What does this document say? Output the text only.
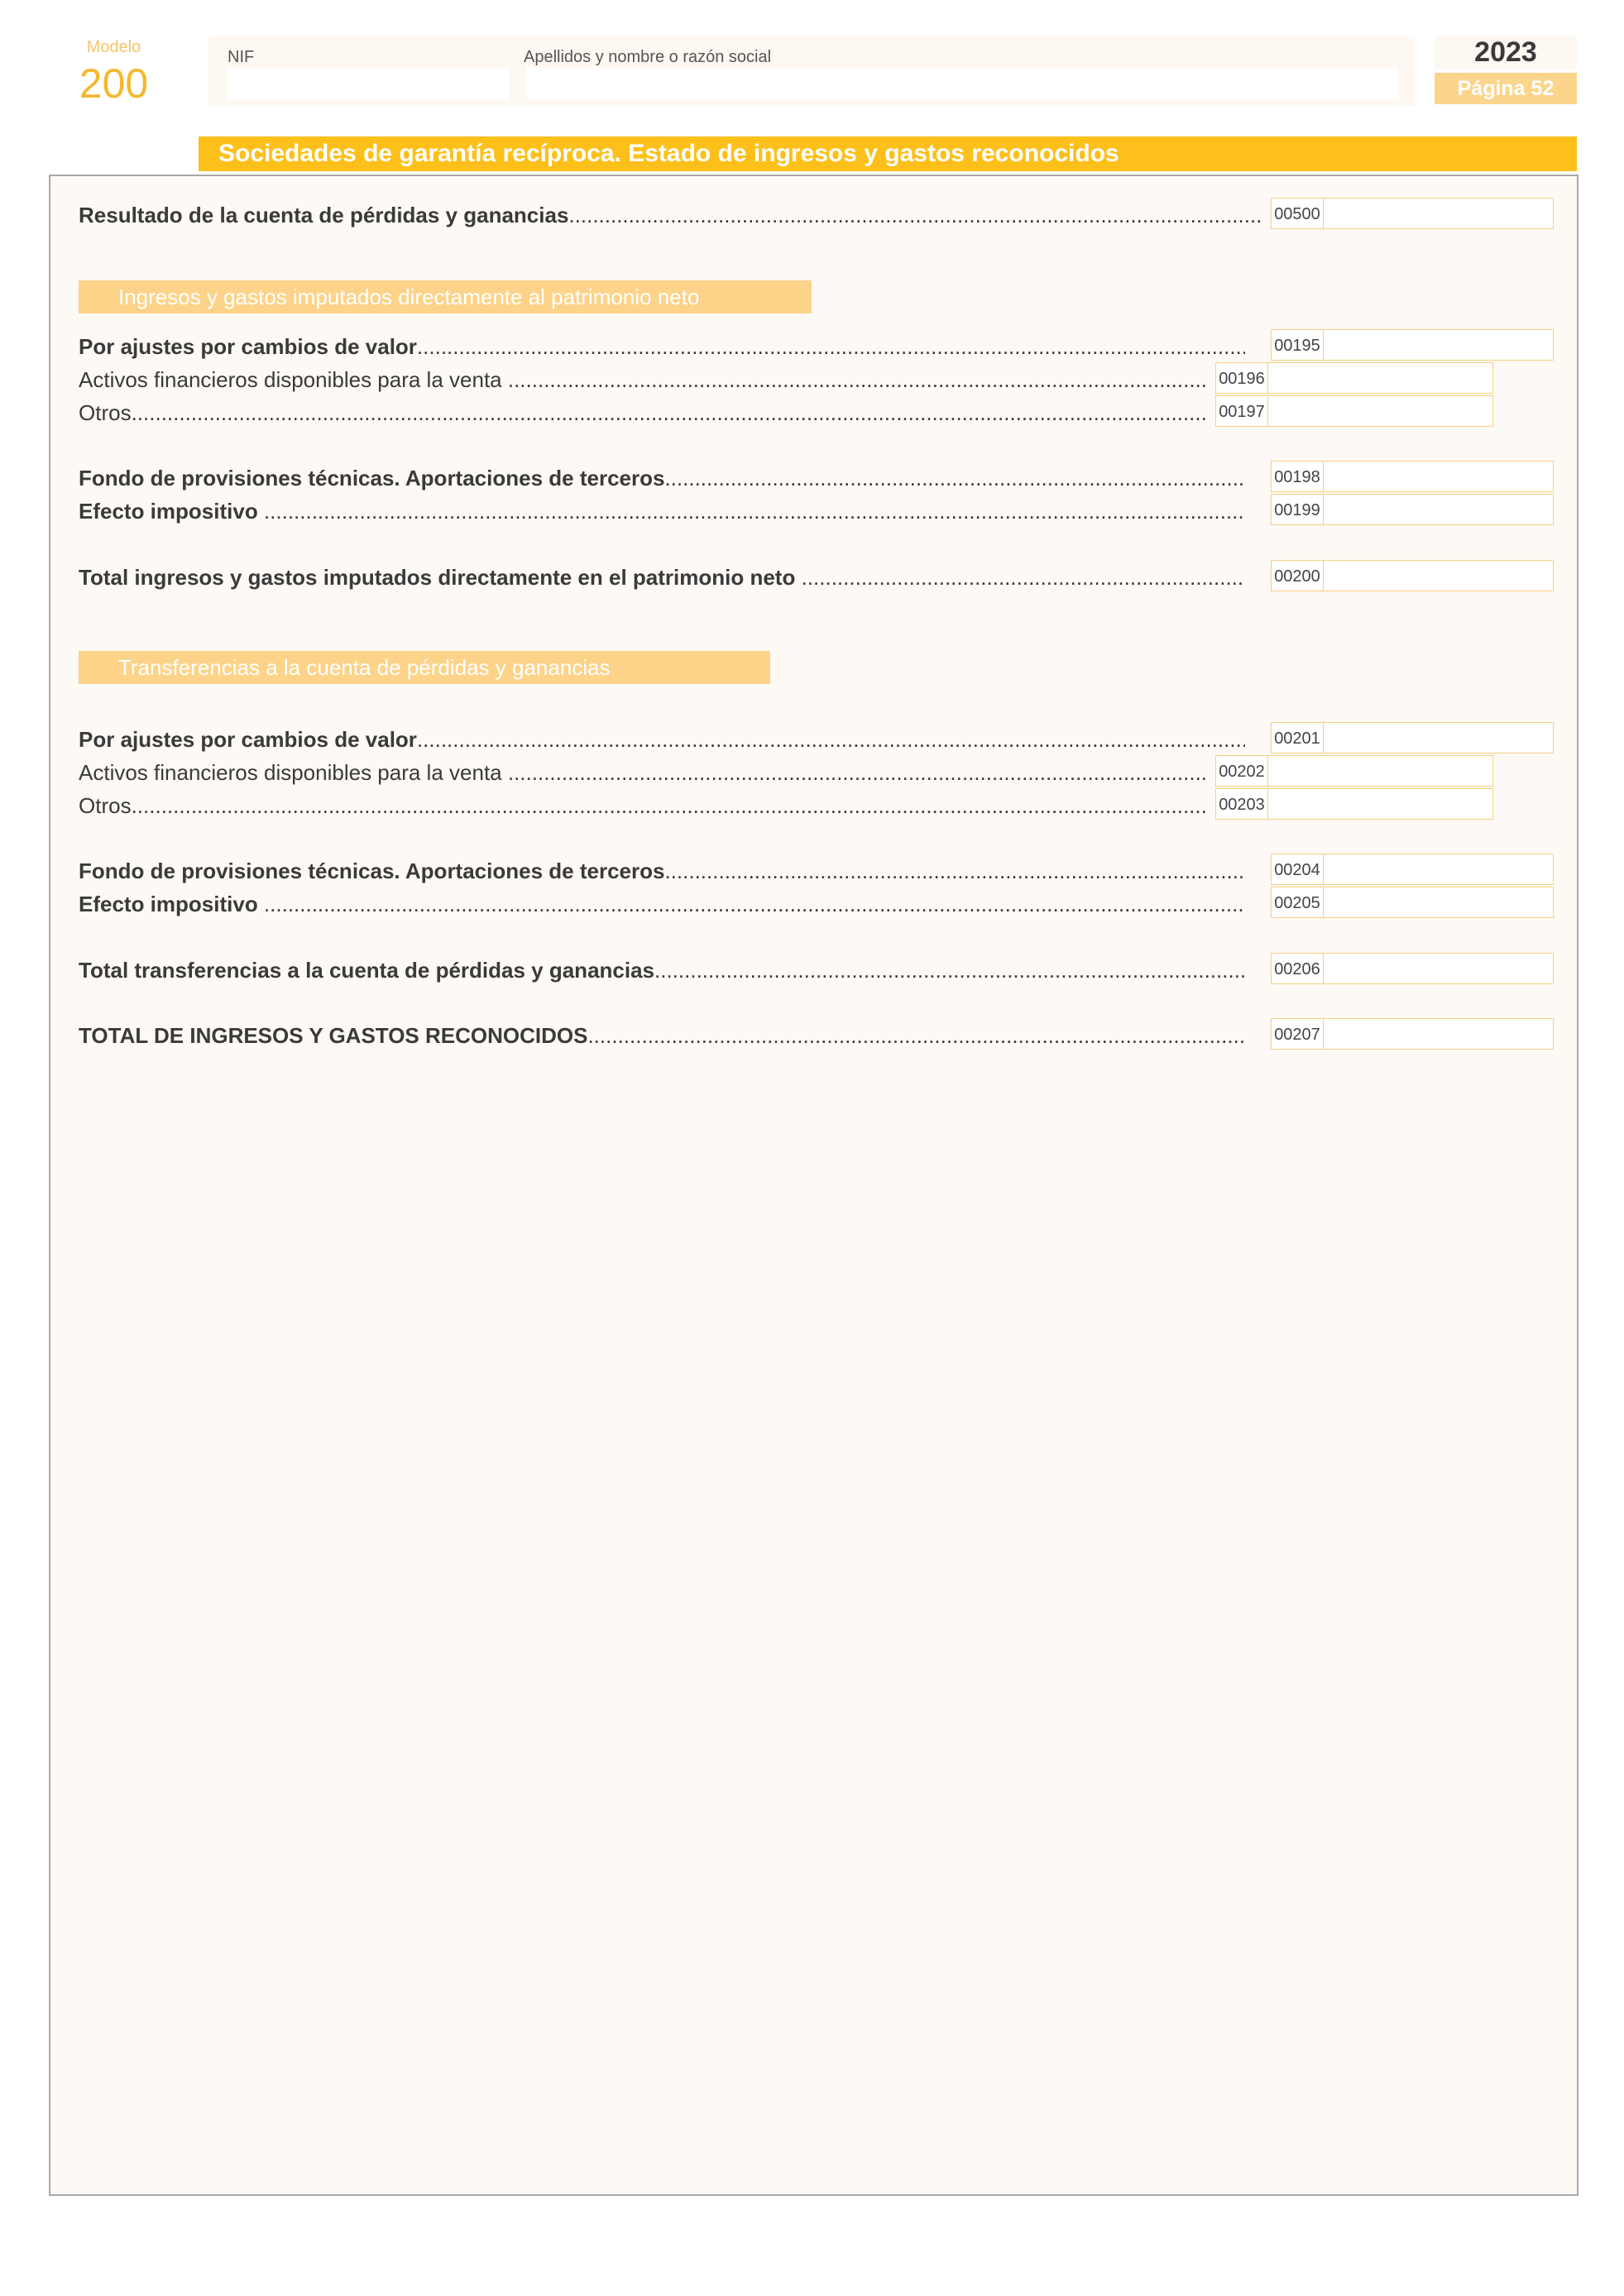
Modelo
200
NIF	Apellidos y nombre o razón social	2023
Página 52
Sociedades de garantía recíproca. Estado de ingresos y gastos reconocidos
Resultado de la cuenta de pérdidas y ganancias .....	00500
Ingresos y gastos imputados directamente al patrimonio neto
Por ajustes por cambios de valor .....	00195
Activos financieros disponibles para la venta .....	00196
Otros .....	00197
Fondo de provisiones técnicas. Aportaciones de terceros .....	00198
Efecto impositivo .....	00199
Total ingresos y gastos imputados directamente en el patrimonio neto .....	00200
Transferencias a la cuenta de pérdidas y ganancias
Por ajustes por cambios de valor .....	00201
Activos financieros disponibles para la venta .....	00202
Otros .....	00203
Fondo de provisiones técnicas. Aportaciones de terceros .....	00204
Efecto impositivo .....	00205
Total transferencias a la cuenta de pérdidas y ganancias .....	00206
TOTAL DE INGRESOS Y GASTOS RECONOCIDOS .....	00207
